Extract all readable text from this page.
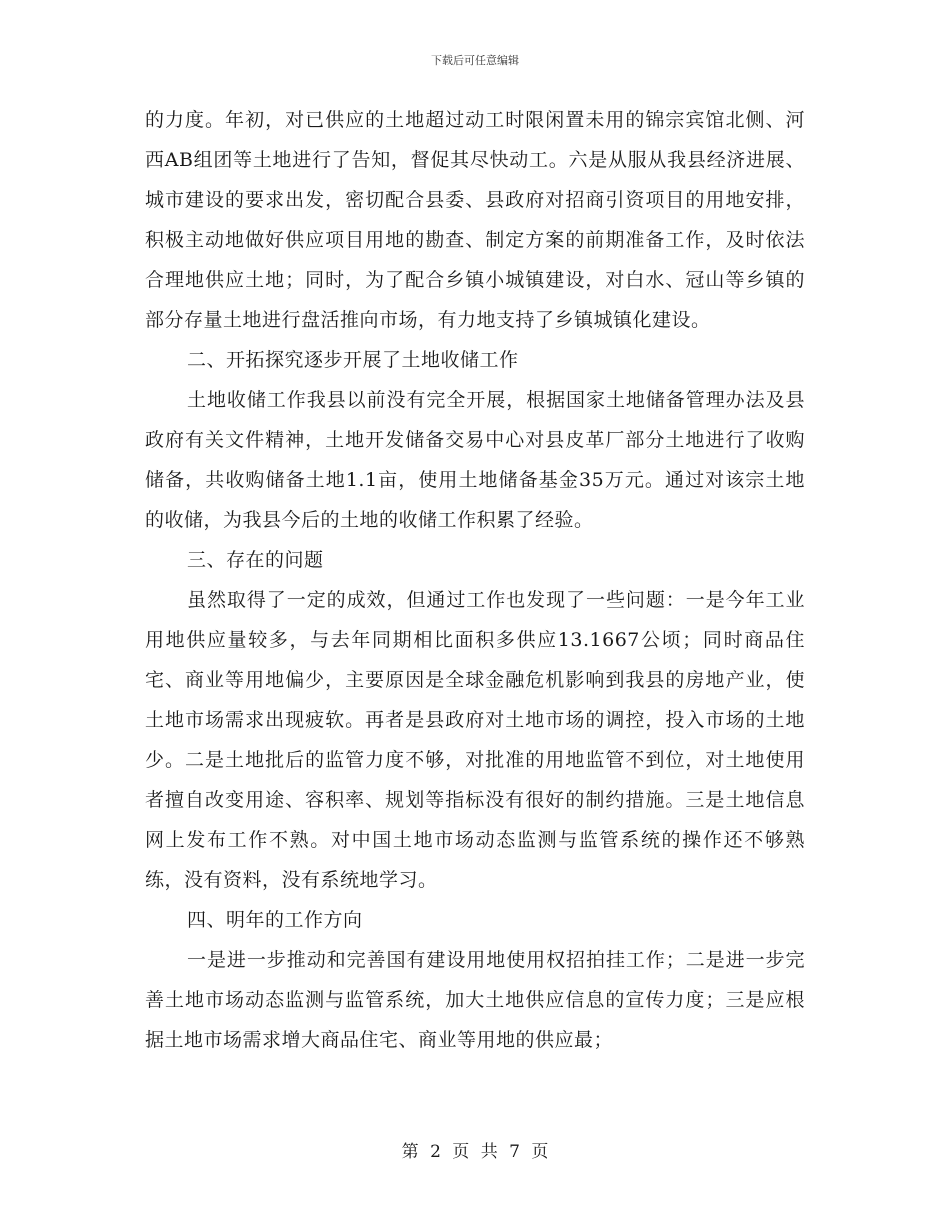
下载后可任意编辑

的力度。年初，对已供应的土地超过动工时限闲置未用的锦宗宾馆北侧、河西AB组团等土地进行了告知，督促其尽快动工。六是从服从我县经济进展、城市建设的要求出发，密切配合县委、县政府对招商引资项目的用地安排，积极主动地做好供应项目用地的勘查、制定方案的前期准备工作，及时依法合理地供应土地；同时，为了配合乡镇小城镇建设，对白水、冠山等乡镇的部分存量土地进行盘活推向市场，有力地支持了乡镇城镇化建设。

二、开拓探究逐步开展了土地收储工作

土地收储工作我县以前没有完全开展，根据国家土地储备管理办法及县政府有关文件精神，土地开发储备交易中心对县皮革厂部分土地进行了收购储备，共收购储备土地1.1亩，使用土地储备基金35万元。通过对该宗土地的收储，为我县今后的土地的收储工作积累了经验。

三、存在的问题

虽然取得了一定的成效，但通过工作也发现了一些问题：一是今年工业用地供应量较多，与去年同期相比面积多供应13.1667公顷；同时商品住宅、商业等用地偏少，主要原因是全球金融危机影响到我县的房地产业，使土地市场需求出现疲软。再者是县政府对土地市场的调控，投入市场的土地少。二是土地批后的监管力度不够，对批准的用地监管不到位，对土地使用者擅自改变用途、容积率、规划等指标没有很好的制约措施。三是土地信息网上发布工作不熟。对中国土地市场动态监测与监管系统的操作还不够熟练，没有资料，没有系统地学习。

四、明年的工作方向

一是进一步推动和完善国有建设用地使用权招拍挂工作；二是进一步完善土地市场动态监测与监管系统，加大土地供应信息的宣传力度；三是应根据土地市场需求增大商品住宅、商业等用地的供应最；

第 2 页 共 7 页
